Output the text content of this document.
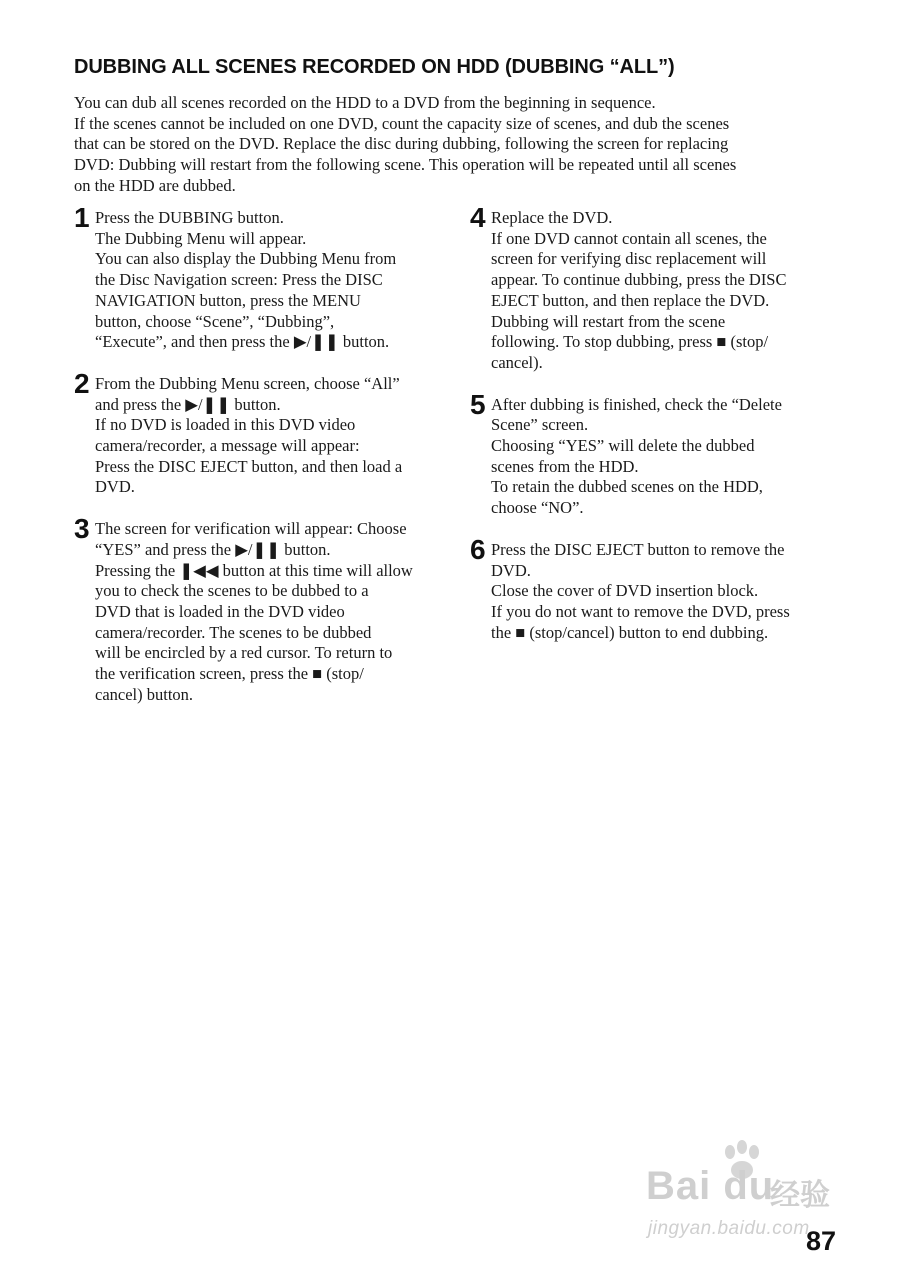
DUBBING ALL SCENES RECORDED ON HDD (DUBBING “ALL”)

You can dub all scenes recorded on the HDD to a DVD from the beginning in sequence.

If the scenes cannot be included on one DVD, count the capacity size of scenes, and dub the scenes

that can be stored on the DVD. Replace the disc during dubbing, following the screen for replacing

DVD: Dubbing will restart from the following scene. This operation will be repeated until all scenes

on the HDD are dubbed.

1 Press the DUBBING button.
The Dubbing Menu will appear.
You can also display the Dubbing Menu from
the Disc Navigation screen: Press the DISC
NAVIGATION button, press the MENU
button, choose “Scene”, “Dubbing”,
“Execute”, and then press the ▶/❚❚ button.
2 From the Dubbing Menu screen, choose “All”
and press the ▶/❚❚ button.
If no DVD is loaded in this DVD video
camera/recorder, a message will appear:
Press the DISC EJECT button, and then load a
DVD.
3 The screen for verification will appear: Choose
“YES” and press the ▶/❚❚ button.
Pressing the ❚◀◀ button at this time will allow
you to check the scenes to be dubbed to a
DVD that is loaded in the DVD video
camera/recorder. The scenes to be dubbed
will be encircled by a red cursor. To return to
the verification screen, press the ■ (stop/
cancel) button.
4 Replace the DVD.
If one DVD cannot contain all scenes, the
screen for verifying disc replacement will
appear. To continue dubbing, press the DISC
EJECT button, and then replace the DVD.
Dubbing will restart from the scene
following. To stop dubbing, press ■ (stop/
cancel).
5 After dubbing is finished, check the “Delete
Scene” screen.
Choosing “YES” will delete the dubbed
scenes from the HDD.
To retain the dubbed scenes on the HDD,
choose “NO”.
6 Press the DISC EJECT button to remove the
DVD.
Close the cover of DVD insertion block.
If you do not want to remove the DVD, press
the ■ (stop/cancel) button to end dubbing.
Bai du
经验
jingyan.baidu.com
87
